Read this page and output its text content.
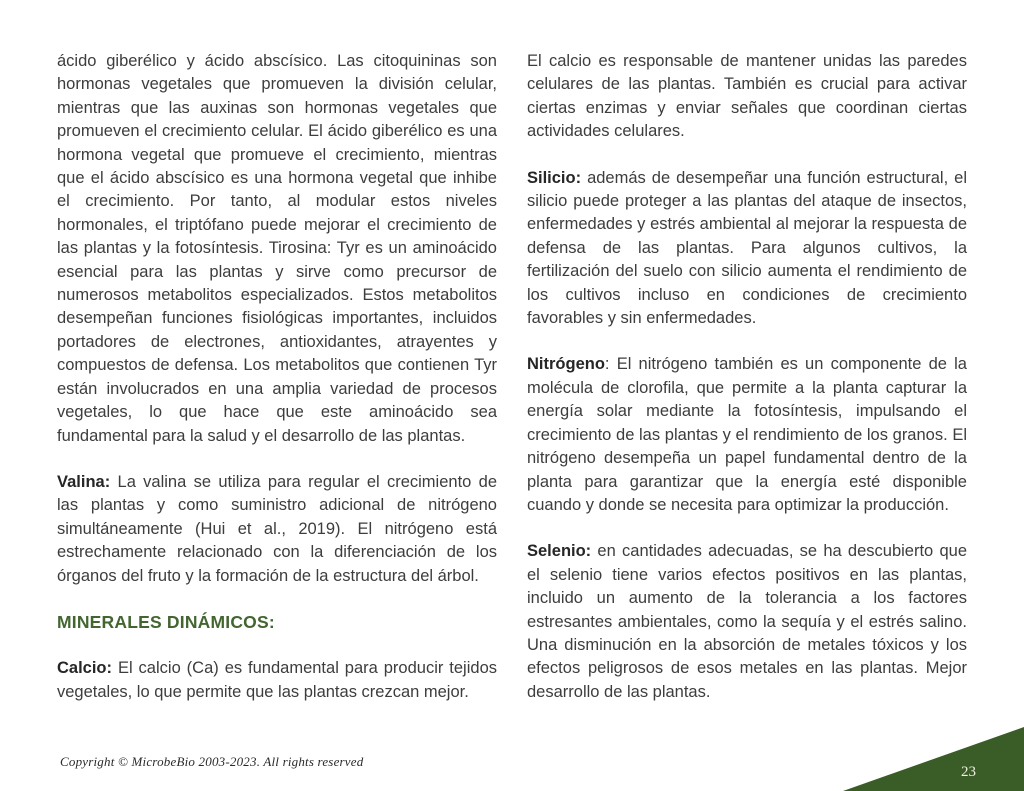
ácido giberélico y ácido abscísico. Las citoquininas son hormonas vegetales que promueven la división celular, mientras que las auxinas son hormonas vegetales que promueven el crecimiento celular. El ácido giberélico es una hormona vegetal que promueve el crecimiento, mientras que el ácido abscísico es una hormona vegetal que inhibe el crecimiento. Por tanto, al modular estos niveles hormonales, el triptófano puede mejorar el crecimiento de las plantas y la fotosíntesis. Tirosina: Tyr es un aminoácido esencial para las plantas y sirve como precursor de numerosos metabolitos especializados. Estos metabolitos desempeñan funciones fisiológicas importantes, incluidos portadores de electrones, antioxidantes, atrayentes y compuestos de defensa. Los metabolitos que contienen Tyr están involucrados en una amplia variedad de procesos vegetales, lo que hace que este aminoácido sea fundamental para la salud y el desarrollo de las plantas.

Valina: La valina se utiliza para regular el crecimiento de las plantas y como suministro adicional de nitrógeno simultáneamente (Hui et al., 2019). El nitrógeno está estrechamente relacionado con la diferenciación de los órganos del fruto y la formación de la estructura del árbol.

MINERALES DINÁMICOS:

Calcio: El calcio (Ca) es fundamental para producir tejidos vegetales, lo que permite que las plantas crezcan mejor.

El calcio es responsable de mantener unidas las paredes celulares de las plantas. También es crucial para activar ciertas enzimas y enviar señales que coordinan ciertas actividades celulares.

Silicio: además de desempeñar una función estructural, el silicio puede proteger a las plantas del ataque de insectos, enfermedades y estrés ambiental al mejorar la respuesta de defensa de las plantas. Para algunos cultivos, la fertilización del suelo con silicio aumenta el rendimiento de los cultivos incluso en condiciones de crecimiento favorables y sin enfermedades.

Nitrógeno: El nitrógeno también es un componente de la molécula de clorofila, que permite a la planta capturar la energía solar mediante la fotosíntesis, impulsando el crecimiento de las plantas y el rendimiento de los granos. El nitrógeno desempeña un papel fundamental dentro de la planta para garantizar que la energía esté disponible cuando y donde se necesita para optimizar la producción.

Selenio: en cantidades adecuadas, se ha descubierto que el selenio tiene varios efectos positivos en las plantas, incluido un aumento de la tolerancia a los factores estresantes ambientales, como la sequía y el estrés salino. Una disminución en la absorción de metales tóxicos y los efectos peligrosos de esos metales en las plantas. Mejor desarrollo de las plantas.

Copyright © MicrobeBio 2003-2023. All rights reserved
23
